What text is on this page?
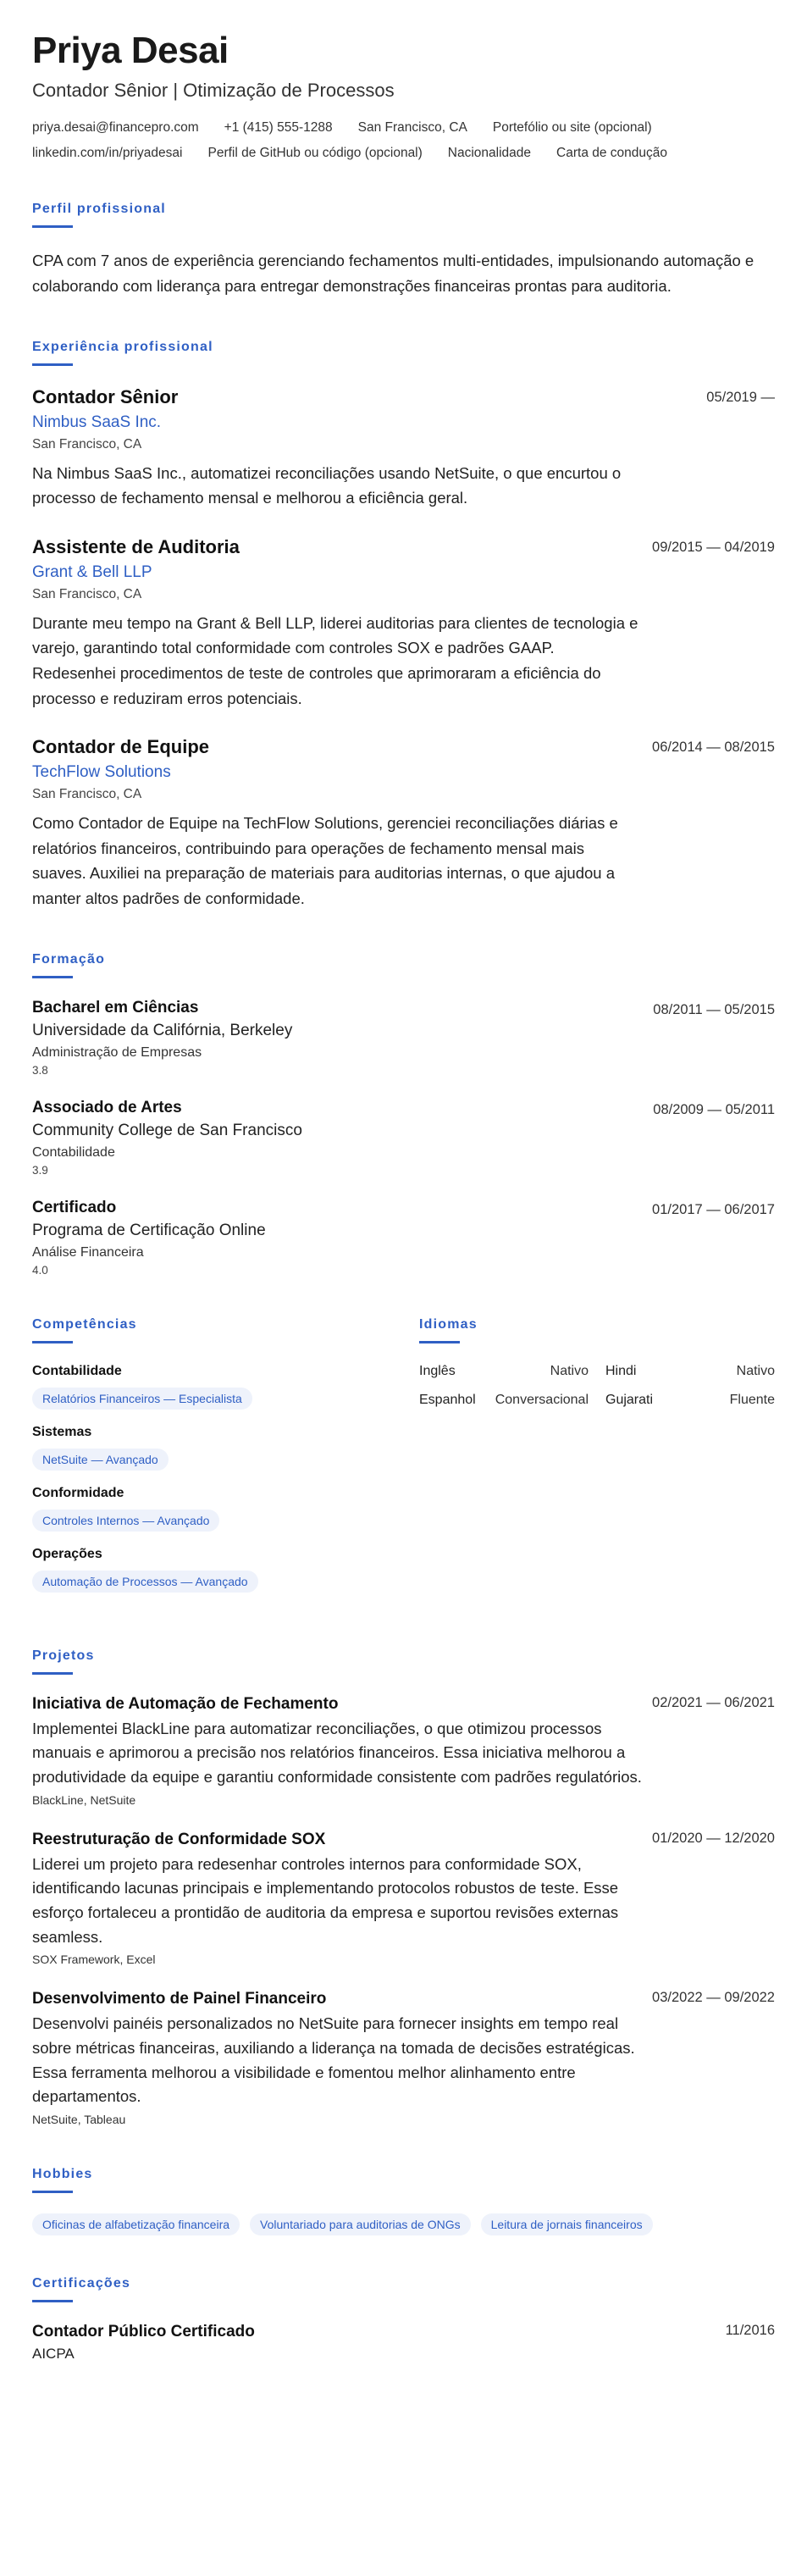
Priya Desai
Contador Sênior | Otimização de Processos
priya.desai@financepro.com +1 (415) 555-1288 San Francisco, CA Portefólio ou site (opcional)
linkedin.com/in/priyadesai Perfil de GitHub ou código (opcional) Nacionalidade Carta de condução
Perfil profissional
CPA com 7 anos de experiência gerenciando fechamentos multi-entidades, impulsionando automação e colaborando com liderança para entregar demonstrações financeiras prontas para auditoria.
Experiência profissional
Contador Sênior
Nimbus SaaS Inc.
San Francisco, CA
Na Nimbus SaaS Inc., automatizei reconciliações usando NetSuite, o que encurtou o processo de fechamento mensal e melhorou a eficiência geral.
05/2019 —
Assistente de Auditoria
Grant & Bell LLP
San Francisco, CA
Durante meu tempo na Grant & Bell LLP, liderei auditorias para clientes de tecnologia e varejo, garantindo total conformidade com controles SOX e padrões GAAP. Redesenhei procedimentos de teste de controles que aprimoraram a eficiência do processo e reduziram erros potenciais.
09/2015 — 04/2019
Contador de Equipe
TechFlow Solutions
San Francisco, CA
Como Contador de Equipe na TechFlow Solutions, gerenciei reconciliações diárias e relatórios financeiros, contribuindo para operações de fechamento mensal mais suaves. Auxiliei na preparação de materiais para auditorias internas, o que ajudou a manter altos padrões de conformidade.
06/2014 — 08/2015
Formação
Bacharel em Ciências
Universidade da Califórnia, Berkeley
Administração de Empresas
3.8
08/2011 — 05/2015
Associado de Artes
Community College de San Francisco
Contabilidade
3.9
08/2009 — 05/2011
Certificado
Programa de Certificação Online
Análise Financeira
4.0
01/2017 — 06/2017
Competências
Contabilidade
Relatórios Financeiros — Especialista
Sistemas
NetSuite — Avançado
Conformidade
Controles Internos — Avançado
Operações
Automação de Processos — Avançado
Idiomas
Inglês	Nativo Hindi	Nativo
Espanhol Conversacional Gujarati	Fluente
Projetos
Iniciativa de Automação de Fechamento
Implementei BlackLine para automatizar reconciliações, o que otimizou processos manuais e aprimorou a precisão nos relatórios financeiros. Essa iniciativa melhorou a produtividade da equipe e garantiu conformidade consistente com padrões regulatórios.
BlackLine, NetSuite
02/2021 — 06/2021
Reestruturação de Conformidade SOX
Liderei um projeto para redesenhar controles internos para conformidade SOX, identificando lacunas principais e implementando protocolos robustos de teste. Esse esforço fortaleceu a prontidão de auditoria da empresa e suportou revisões externas seamless.
SOX Framework, Excel
01/2020 — 12/2020
Desenvolvimento de Painel Financeiro
Desenvolvi painéis personalizados no NetSuite para fornecer insights em tempo real sobre métricas financeiras, auxiliando a liderança na tomada de decisões estratégicas. Essa ferramenta melhorou a visibilidade e fomentou melhor alinhamento entre departamentos.
NetSuite, Tableau
03/2022 — 09/2022
Hobbies
Oficinas de alfabetização financeira	Voluntariado para auditorias de ONGs	Leitura de jornais financeiros
Certificações
Contador Público Certificado
AICPA
11/2016
